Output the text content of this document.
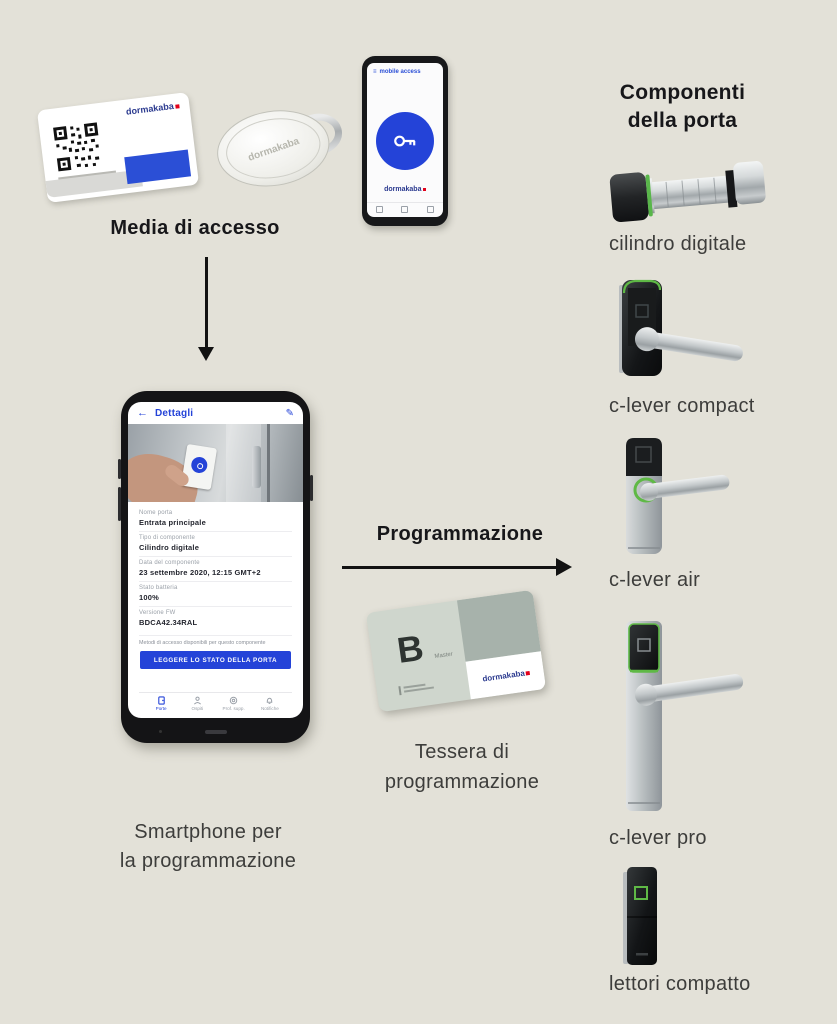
dormakaba
dormakaba
≡ mobile access
dormakaba
Media di accesso
← Dettagli	✎
Nome porta
Entrata principale
Tipo di componente
Cilindro digitale
Data del componente
23 settembre 2020, 12:15 GMT+2
Stato batteria
100%
Versione FW
BDCA42.34RAL
Metodi di accesso disponibili per questo componente
LEGGERE LO STATO DELLA PORTA
Porte	Ospiti	Prof. supp.	Notifiche
Smartphone per
la programmazione
Programmazione
dormakaba
B Master
Tessera di
programmazione
Componenti
della porta
cilindro digitale
c-lever compact
c-lever air
c-lever pro
lettori compatto
